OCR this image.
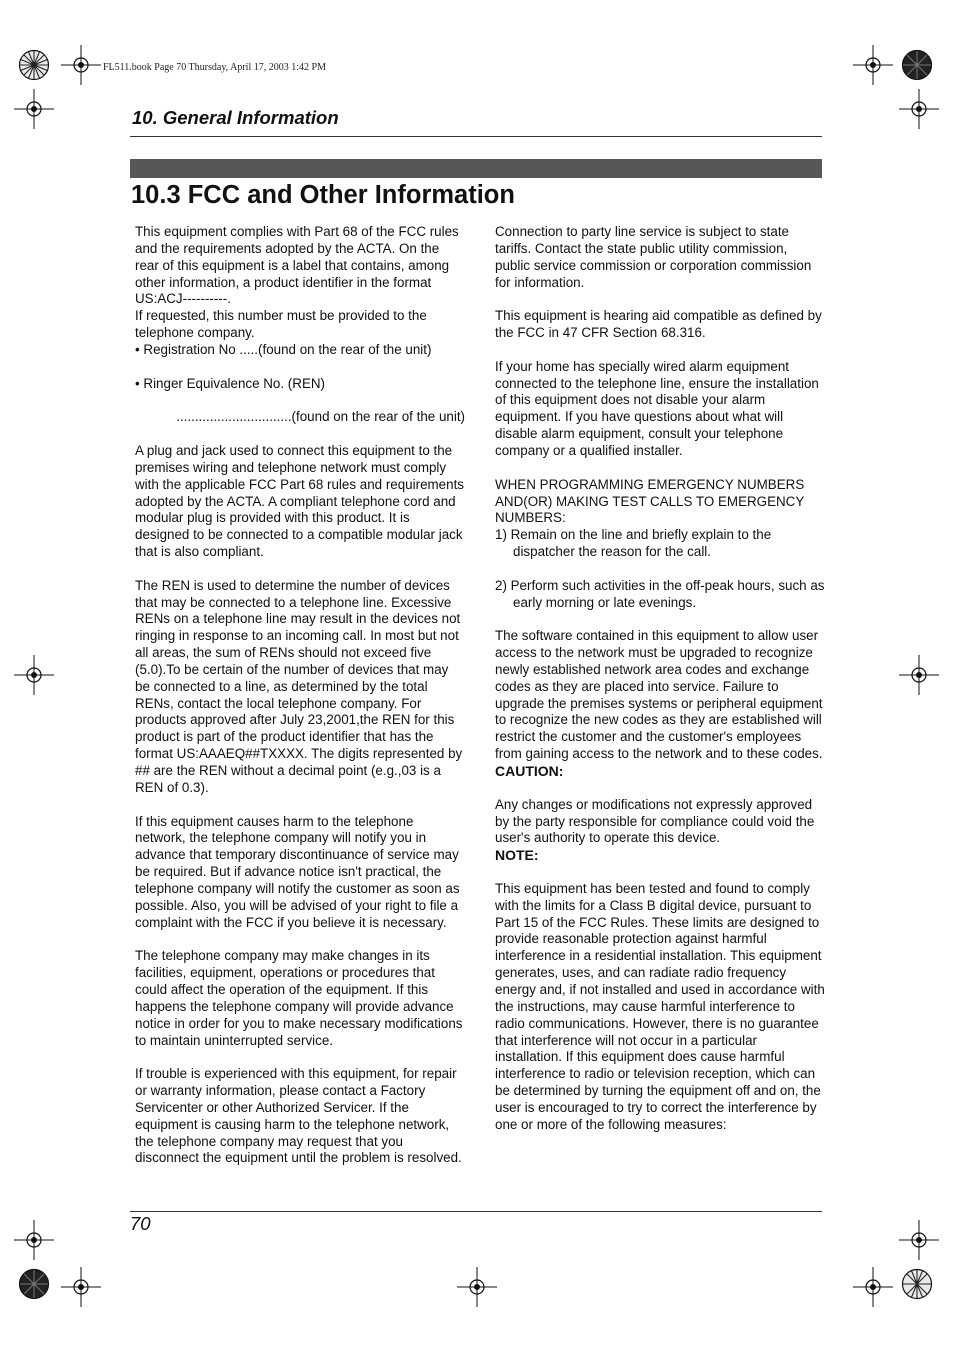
FL511.book Page 70 Thursday, April 17, 2003 1:42 PM
10. General Information
10.3 FCC and Other Information

This equipment complies with Part 68 of the FCC rules and the requirements adopted by the ACTA. On the rear of this equipment is a label that contains, among other information, a product identifier in the format US:ACJ----------.

If requested, this number must be provided to the telephone company.

• Registration No .....(found on the rear of the unit)

• Ringer Equivalence No. (REN)

...............................(found on the rear of the unit)

A plug and jack used to connect this equipment to the premises wiring and telephone network must comply with the applicable FCC Part 68 rules and requirements adopted by the ACTA. A compliant telephone cord and modular plug is provided with this product. It is designed to be connected to a compatible modular jack that is also compliant.

The REN is used to determine the number of devices that may be connected to a telephone line. Excessive RENs on a telephone line may result in the devices not ringing in response to an incoming call. In most but not all areas, the sum of RENs should not exceed five (5.0).To be certain of the number of devices that may be connected to a line, as determined by the total RENs, contact the local telephone company. For products approved after July 23,2001,the REN for this product is part of the product identifier that has the format US:AAAEQ##TXXXX. The digits represented by ## are the REN without a decimal point (e.g.,03 is a REN of 0.3).

If this equipment causes harm to the telephone network, the telephone company will notify you in advance that temporary discontinuance of service may be required. But if advance notice isn't practical, the telephone company will notify the customer as soon as possible. Also, you will be advised of your right to file a complaint with the FCC if you believe it is necessary.

The telephone company may make changes in its facilities, equipment, operations or procedures that could affect the operation of the equipment. If this happens the telephone company will provide advance notice in order for you to make necessary modifications to maintain uninterrupted service.

If trouble is experienced with this equipment, for repair or warranty information, please contact a Factory Servicenter or other Authorized Servicer. If the equipment is causing harm to the telephone network, the telephone company may request that you disconnect the equipment until the problem is resolved.

Connection to party line service is subject to state tariffs. Contact the state public utility commission, public service commission or corporation commission for information.

This equipment is hearing aid compatible as defined by the FCC in 47 CFR Section 68.316.

If your home has specially wired alarm equipment connected to the telephone line, ensure the installation of this equipment does not disable your alarm equipment. If you have questions about what will disable alarm equipment, consult your telephone company or a qualified installer.

WHEN PROGRAMMING EMERGENCY NUMBERS AND(OR) MAKING TEST CALLS TO EMERGENCY NUMBERS:

1) Remain on the line and briefly explain to the dispatcher the reason for the call.

2) Perform such activities in the off-peak hours, such as early morning or late evenings.

The software contained in this equipment to allow user access to the network must be upgraded to recognize newly established network area codes and exchange codes as they are placed into service. Failure to upgrade the premises systems or peripheral equipment to recognize the new codes as they are established will restrict the customer and the customer's employees from gaining access to the network and to these codes.

CAUTION:

Any changes or modifications not expressly approved by the party responsible for compliance could void the user's authority to operate this device.

NOTE:

This equipment has been tested and found to comply with the limits for a Class B digital device, pursuant to Part 15 of the FCC Rules. These limits are designed to provide reasonable protection against harmful interference in a residential installation. This equipment generates, uses, and can radiate radio frequency energy and, if not installed and used in accordance with the instructions, may cause harmful interference to radio communications. However, there is no guarantee that interference will not occur in a particular installation. If this equipment does cause harmful interference to radio or television reception, which can be determined by turning the equipment off and on, the user is encouraged to try to correct the interference by one or more of the following measures:

70
